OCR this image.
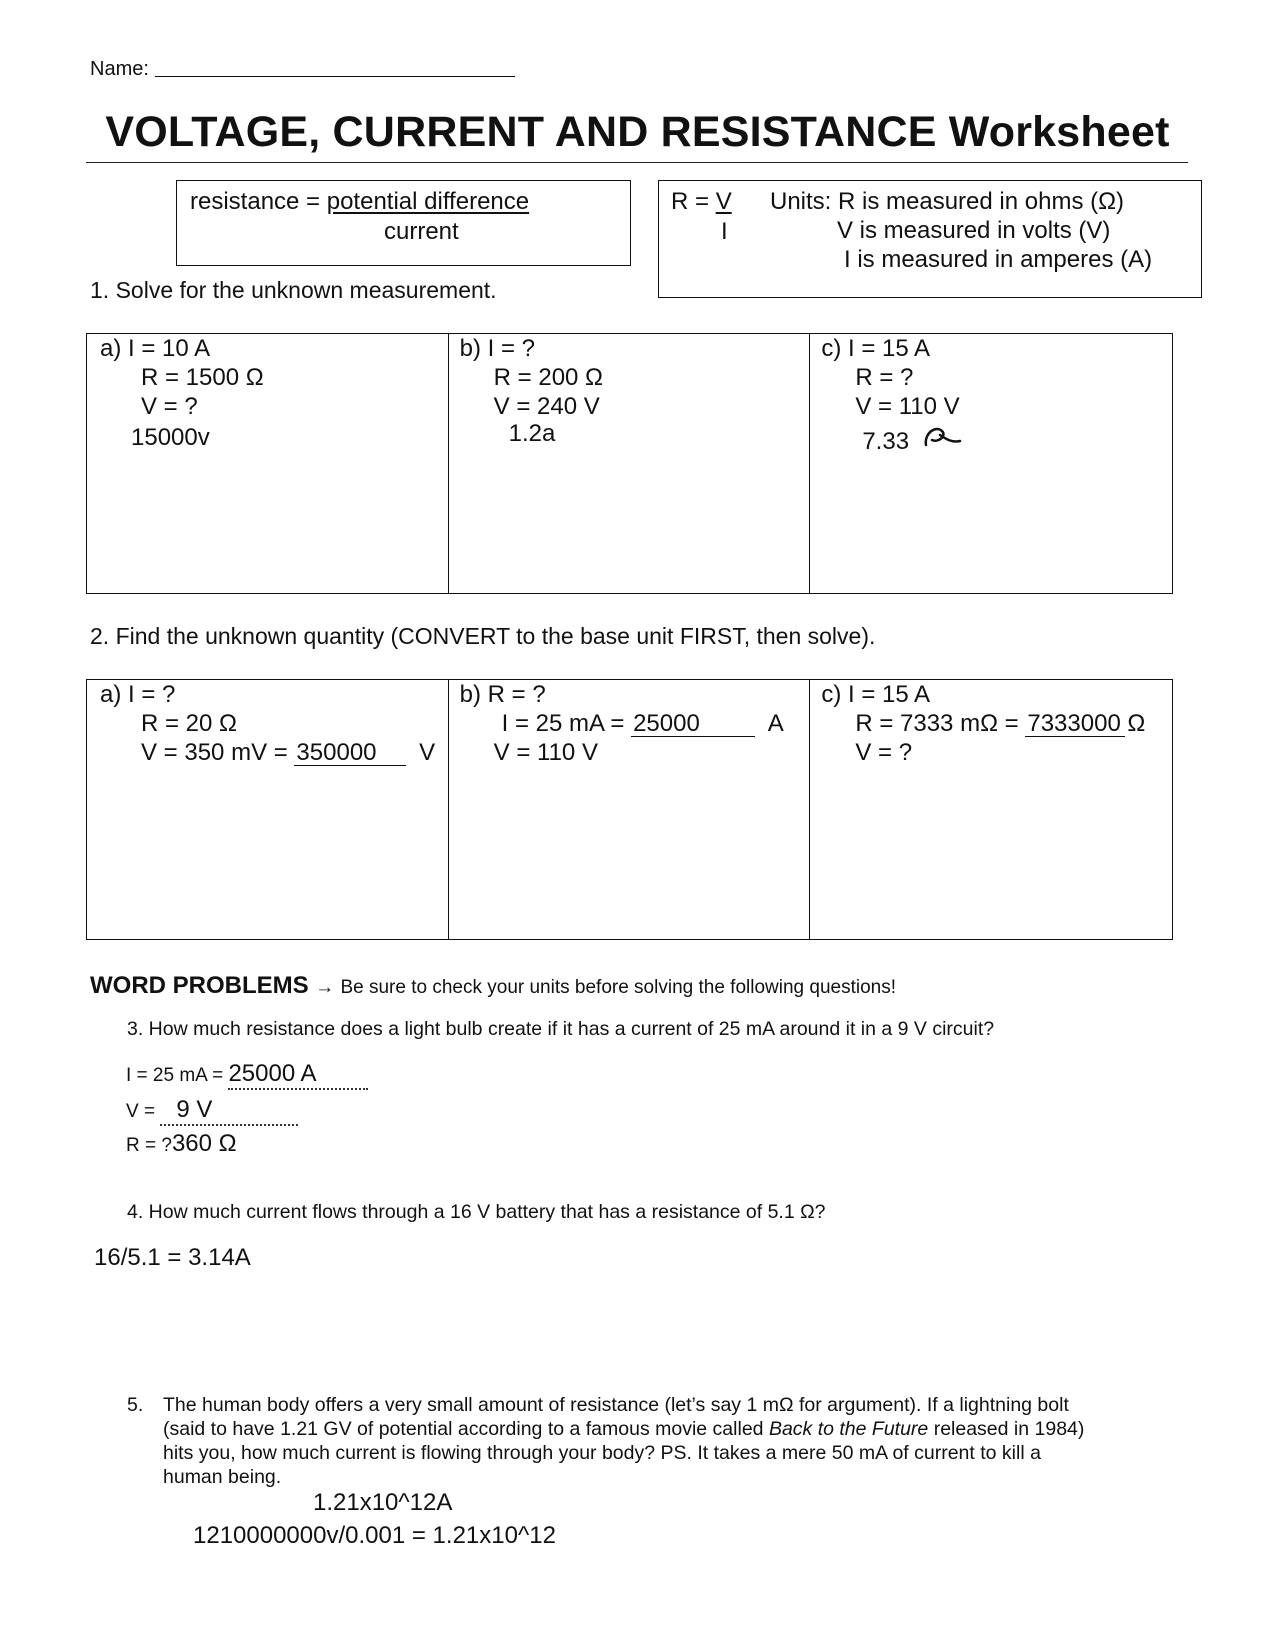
Name:
VOLTAGE, CURRENT AND RESISTANCE Worksheet
resistance = potential difference
current
R = V
I
Units: R is measured in ohms (Ω)
V is measured in volts (V)
I is measured in amperes (A)
1. Solve for the unknown measurement.
a) I = 10 A
R = 1500 Ω
V = ?
15000v
b) I = ?
R = 200 Ω
V = 240 V
1.2a
c) I = 15 A
R = ?
V = 110 V
7.33
2. Find the unknown quantity (CONVERT to the base unit FIRST, then solve).
a) I = ?
R = 20 Ω
V = 350 mV = 350000 V
b) R = ?
I = 25 mA = 25000	A
V = 110 V
c) I = 15 A
R = 7333 mΩ = 7333000 Ω
V = ?
WORD PROBLEMS → Be sure to check your units before solving the following questions!
3. How much resistance does a light bulb create if it has a current of 25 mA around it in a 9 V circuit?
I = 25 mA = 25000 A
V = 9 V
R = ?360 Ω
4. How much current flows through a 16 V battery that has a resistance of 5.1 Ω?
16/5.1 = 3.14A
5. The human body offers a very small amount of resistance (let’s say 1 mΩ for argument). If a lightning bolt
(said to have 1.21 GV of potential according to a famous movie called Back to the Future released in 1984)
hits you, how much current is flowing through your body? PS. It takes a mere 50 mA of current to kill a
human being.
1.21x10^12A
1210000000v/0.001 = 1.21x10^12
